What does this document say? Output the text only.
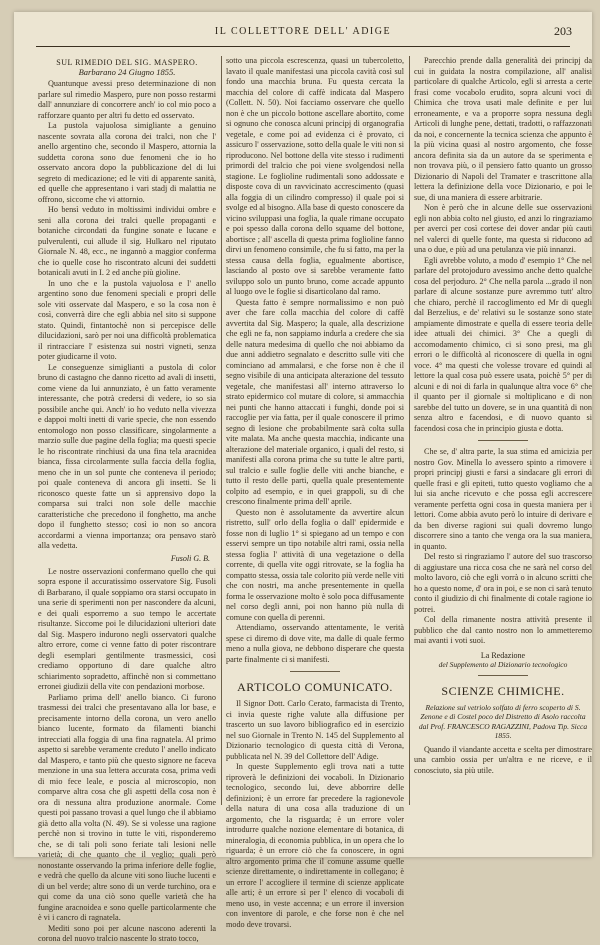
IL COLLETTORE DELL' ADIGE	203
SUL RIMEDIO DEL SIG. MASPERO.
Barbarano 24 Giugno 1855.

Quantunque avessi preso determinazione di non parlare sul rimedio Maspero, pure non posso restarmi dall' annunziare di concorrere anch' io col mio poco a rafforzare quanto per altri fu detto ed osservato.

La pustola vajuolosa simigliante a genuino nascente sovrata alla corona dei tralci, non che l' anello argentino che, secondo il Maspero, attornia la suddetta corona sono due fenomeni che io ho osservato ancora dopo la pubblicazione del di lui segreto di medicazione; ed le viti di apparente sanità, ed quelle che appresentano i vari stadj di malattia ne offrono, siccome che vi attornio.

Ho bensì veduto in moltissimi individui ombre e seni alla corona dei tralci quelle propaganti e botaniche circondati da fungine sonate e lucane e pulverulenti, cui allude il sig. Hulkaro nel riputato Giornale N. 48, ecc., ne ingannò a maggior conferma che io quelle cose ho riscontrato alcuni dei suddetti botanicali avuti in I. 2 ed anche più gioline.

In uno che e la pustola vajuolosa e l' anello argentino sono due fenomeni speciali e propri delle sole viti osservate dal Maspero, e so la cosa non è così, converrà dire che egli abbia nel sito si suppone stato. Quindi, fintantochè non si percepisce delle dilucidazioni, sarò per noi una difficoltà problematica il rintracciare l' esistenza sui nostri vigneti, senza poter giudicarne il voto.

Le conseguenze simiglianti a pustola di color bruno di castagno che danno ricetto ad avali di insetti, come viene da lui annunziato, è un fatto veramente interessante, che potrà credersi di vedere, io so sia possibile anche qui. Anch' io ho veduto nella vivezza e dappoi molti inetti di varie specie, che non essendo entomologo non posso classificare, singolarmente a marzio sulle due pagine della foglia; ma questi specie le ho riscontrate rinchiusi da una fina tela aracnidea bianca, fissa circolarmente sulla faccia della foglia, meno che in un sol punte che conteneva il periodo; poi quale conteneva di ancora gli insetti. Se li riconosco queste fatte un sì apprensivo dopo la comparsa sui tralci non sole delle macchie caratteristiche che precedono il fonghetto, ma anche dopo il funghetto stesso; così io non so ancora accordarmi a vienna importanza; ora pensavo starò alla vedetta.

Fusoli G. B.

Le nostre osservazioni confermano quello che qui sopra espone il accuratissimo osservatore Sig. Fusoli di Barbarano, il quale soppiamo ora starsi occupato in una serie di sperimenti non per nascondere da alcuni, e dei quali esporremo a suo tempo le accertate risultanze. Siccome poi le dilucidazioni ulteriori date dal Sig. Maspero indurono negli osservatori qualche altro errore, come ci venne fatto di poter riscontrare degli esemplari gentilmente trasmessici, così crediamo opportuno di dare qualche altro schiarimento sopradetto, affinchè non si commettano erronei giudizii della vite con pendazioni morbose.

Parliamo prima dell' anello bianco. Ci furono trasmessi dei tralci che presentavano alla lor base, e precisamente intorno della corona, un vero anello bianco lucente, formato da filamenti bianchi intrecciati alla foggia di una fina ragnatela. Al primo aspetto si sarebbe veramente creduto l' anello indicato dal Maspero, e tanto più che questo signore ne faceva menzione in una sua lettera accurata cosa, prima vedi di mio fece leale, e poscia al microscopio, non comparve altra cosa che gli aspetti della cosa non è ora di nessuna altra produzione anormale. Come questi poi passano trovasi a quel lungo che il abbiamo già detto alla volta (N. 49). Se si volesse una ragione perchè non si trovino in tutte le viti, risponderemo che, se di tali poli sono feriate tali lesioni nelle varietà; di che quanto che il veglio; quali però nonostante osservando la prima inferiore delle foglie, e vedrà che quello da alcune viti sono lìuche lucenti e di un bel verde; altre sono di un verde turchino, ora e qui come da una ciò sono quelle varietà che ha fungine aracnoidea e sono quelle particolarmente che è vi i cancro di ragnatela.

Mediti sono poi per alcune nascono aderenti la corona del nuovo tralcio nascente lo strato tocco,

sotto una piccola escrescenza, quasi un tubercoletto, lavato il quale manifestasi una piccola cavità così sul fondo una macchia bruna. Fu questa cercata la macchia del colore di caffè indicata dal Maspero (Collett. N. 50). Noi facciamo osservare che quello non è che un piccolo bottone ascellare abortito, come si ognuno che conosca alcuni principj di organografia vegetale, e come poi ad evidenza ci è provato, ci assicuro l' osservazione, sotto della quale le viti non si riproducono. Nel bottone della vite stesso i rudimenti primordi del tralcio che poi viene svolgendosi nella stagione. Le foglioline rudimentali sono addossate e disposte cova di un ravvicinato accrescimento (quasi alla foggia di un cilindro compresso) il quale poi si svolge ed al bisogno. Alla base di questo conoscere da vicino sviluppasi una foglia, la quale rimane occupato e poi spesso dalla corona dello squame del bottone, abortisce ; all' ascella di questa prima foglioline fanno dirvi un fenomeno consimile, che fu si fatto, ma per la stessa causa della foglia, egualmente abortisce, lasciando al posto ove si sarebbe veramente fatto sviluppo solo un punto bruno, come accade appunto al luogo ove le foglie si disarticolano dal ramo.

Questa fatto è sempre normalissimo e non può aver che fare colla macchia del colore di caffè avvertita dal Sig. Maspero; la quale, alla descrizione che egli ne fa, non sappiamo indurla a credere che sia delle natura medesima di quello che noi abbiamo da due anni addietro segnalato e descritto sulle viti che cominciano ad ammalarsi, e che forse non è che il segno visibile di una anticipata alterazione del tessuto vegetale, che manifestasi all' interno attraverso lo strato epidermico col mutare di colore, si ammacchia nei punti che hanno attaccati i funghi, donde poi si raccoglie per via fatta, per il quale conoscere il primo segno di lesione che probabilmente sarà colta sulla vite malata. Ma anche questa macchia, indicante una alterazione del materiale organico, i quali del resto, si manifesti alla corona prima che su tutte le altre parti, sul tralcio e sulle foglie delle viti anche bianche, e tutto il resto delle parti, quella quale presentemente colpito ad esempio, e in quei grappoli, su di che crescono finalmente prima dell' aprile.

Questo non è assolutamente da avvertire alcun ristretto, sull' orlo della foglia o dall' epidermide e fosse non di luglio 1° si spiegano ad un tempo e con esservi sempre un tipo notabile altri rami, ossia nella stessa foglia l' attività di una vegetazione o della corrente, di quella vite oggi ritrovate, se la foglia ha compatto stessa, ossia tale colorito più verde nelle viti che con nostri, ma anche presentemente in quella forma le osservazione molto è solo poca diffusamente nel corso degli anni, poi non hanno più nulla di comune con quella di perenni.

Attendiamo, osservando attentamente, le verità spese ci diremo di dove vite, ma dalle di quale fermo meno a nulla giova, ne debbono disperare che questa parte finalmente ci si manifesti.

ARTICOLO COMUNICATO.

Il Signor Dott. Carlo Cerato, farmacista di Trento, ci invia queste righe valute alla diffusione per trascerto un suo lavoro bibliografico ed in esercizio nel suo Giornale in Trento N. 145 del Supplemento al Dizionario tecnologico di questa città di Verona, pubblicata nel N. 39 del Collettore dell' Adige.

In queste Supplemento egli trova nati a tutte riproverà le definizioni dei vocaboli. In Dizionario tecnologico, secondo lui, deve abborrire delle definizioni; è un errore far precedere la ragionevole della natura di una cosa alla traduzione di un argomento, che la risguarda; è un errore voler introdurre qualche nozione elementare di botanica, di mineralogia, di economia pubblica, in un opera che lo riguarda; è un errore ciò che fa conoscere, in ogni altro argomento prima che il comune assume quelle scienze direttamente, o indirettamente in collegano; è un errore l' accogliere il termine di scienze applicate alle arti; è un errore sì per l' elenco di vocaboli di meno uso, in veste accenna; e un errore il inversion con inventore di parole, e che forse non è che nel modo deve trovarsi.

Parecchio prende dalla generalità dei principj da cui in guidata la nostra compilazione, all' analisi particolare di qualche Articolo, egli si arresta a certe frasi come vocabolo erudito, sopra alcuni voci di Chimica che trova usati male definite e per lui erroneamente, e va a proporre sopra nessuna degli Articoli di lunghe pene, dettati, tradotti, o raffazzonati da noi, e concernente la tecnica scienza che appunto è la più vicina quasi al nostro argomento, che fosse ancora definita sia da un autore da se sperimenta e non trovava più, o il pensiero fatto quanto un grosso Dizionario di Napoli del Tramater e trascrittone alla lettera la definizione della voce Dizionario, e poi le sue, di una maniera di essere arbitrarie.

Non è però che in alcune delle sue osservazioni egli non abbia colto nel giusto, ed anzi lo ringraziamo per averci per così cortese dei dover andar più cauti nel valerci di quelle fonte, ma questa si riducono ad una o due, e più ad una petulanza vie più innanzi.

Egli avrebbe voluto, a modo d' esempio 1° Che nel parlare del protojoduro avessimo anche detto qualche cosa del perjoduro. 2° Che nella parola ...grado il non parlare di alcune sostanze pure avremmo tutt' altro che chiaro, perchè il raccoglimento ed Mr di quegli dal Berzelius, e de' relativi su le sostanze sono state ampiamente dimostrate e quella di essere teoria delle idee attuali dei chimici. 3° Che a quegli di accomodamento chimico, ci si sono presi, ma gli errori o le difficoltà al riconoscere di quella in ogni voce. 4° ma questi che volesse trovare ed quindi al lettore la qual cosa può essere usata, poichè 5° per di alcuni e di noi di farla in qualunque altra voce 6° che il quanto per il giornale si moltiplicano e di non sarebbe del tutto un dovere, se in una quantità di non senza altro e facendosi, e di nuovo quanto si facendosi cosa che in principio giusta e dotta.

Che se, d' altra parte, la sua stima ed amicizia per nostro Gov. Minella lo avessero spinto a rimovere i propri principj giusti e farsi a sindacare gli errori di quelle frasi e gli epiteti, tutto questo vogliamo che a lui sia anche ricevuto e che possa egli accrescere veramente perfetta ogni cosa in questa maniera per i lettori. Come abbia avuto però lo intuire di derivare e da ben diverse ragioni sui quali dovremo lungo discorrere sino a tanto che venga ora la sua maniera, in quanto.

Del resto si ringraziamo l' autore del suo trascorso di aggiustare una ricca cosa che ne sarà nel corso del molto lavoro, ciò che egli vorrà o in alcuno scritti che ho a questo nome, d' ora in poi, e se non ci sarà tenuto conto il giudizio di chi finalmente di cotale ragione io potrei.

Col della rimanente nostra attività presente il pubblico che dal canto nostro non lo ammetteremo mai avanti i voti suoi.

La Redazione
del Supplemento al Dizionario tecnologico
SCIENZE CHIMICHE.
Relazione sul vetriolo solfato di ferro scoperto di S. Zenone e di Costel poco del Distretto di Asolo raccolta dal Prof. FRANCESCO RAGAZZINI, Padova Tip. Sicca 1855.

Quando il viandante accetta e scelta per dimostrare una cambio ossia per un'altra e ne riceve, e il conosciuto, sia più utile.
